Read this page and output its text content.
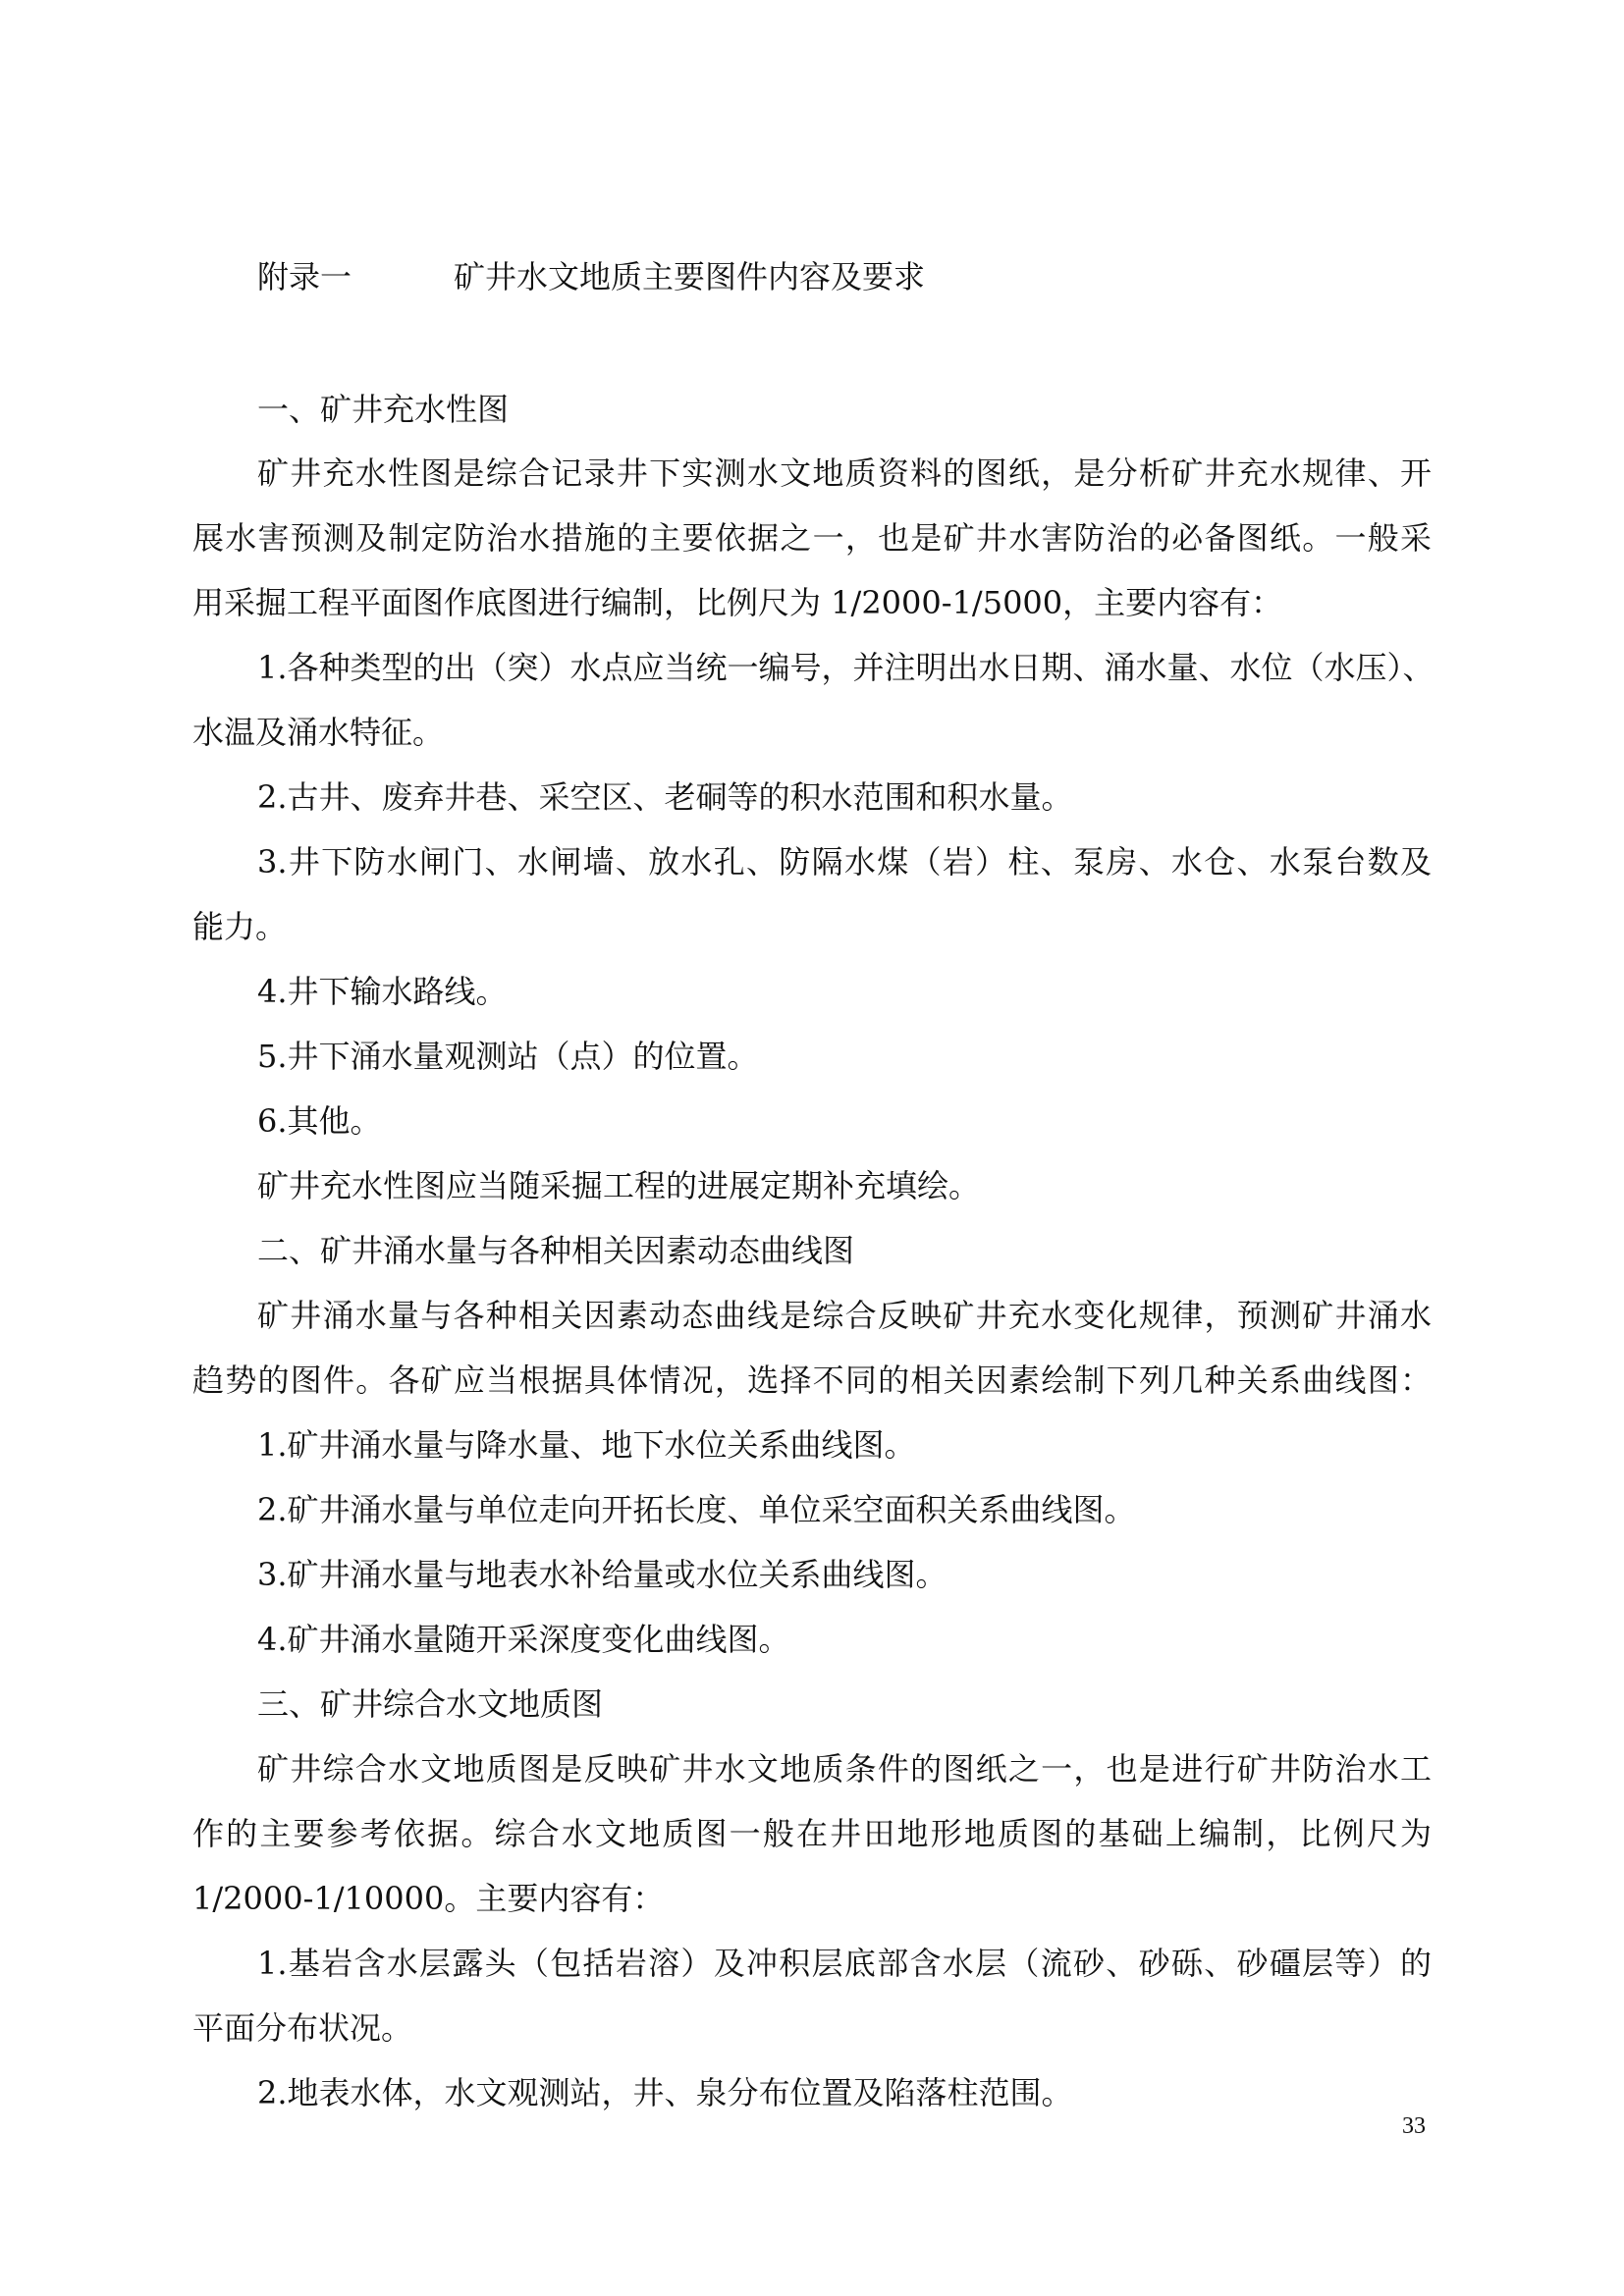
附录一	矿井水文地质主要图件内容及要求
一、矿井充水性图
矿井充水性图是综合记录井下实测水文地质资料的图纸，是分析矿井充水规律、开
展水害预测及制定防治水措施的主要依据之一，也是矿井水害防治的必备图纸。一般采
用采掘工程平面图作底图进行编制，比例尺为 1/2000-1/5000，主要内容有：
1.各种类型的出（突）水点应当统一编号，并注明出水日期、涌水量、水位（水压）、
水温及涌水特征。
2.古井、废弃井巷、采空区、老硐等的积水范围和积水量。
3.井下防水闸门、水闸墙、放水孔、防隔水煤（岩）柱、泵房、水仓、水泵台数及
能力。
4.井下输水路线。
5.井下涌水量观测站（点）的位置。
6.其他。
矿井充水性图应当随采掘工程的进展定期补充填绘。
二、矿井涌水量与各种相关因素动态曲线图
矿井涌水量与各种相关因素动态曲线是综合反映矿井充水变化规律，预测矿井涌水
趋势的图件。各矿应当根据具体情况，选择不同的相关因素绘制下列几种关系曲线图：
1.矿井涌水量与降水量、地下水位关系曲线图。
2.矿井涌水量与单位走向开拓长度、单位采空面积关系曲线图。
3.矿井涌水量与地表水补给量或水位关系曲线图。
4.矿井涌水量随开采深度变化曲线图。
三、矿井综合水文地质图
矿井综合水文地质图是反映矿井水文地质条件的图纸之一，也是进行矿井防治水工
作的主要参考依据。综合水文地质图一般在井田地形地质图的基础上编制，比例尺为
1/2000-1/10000。主要内容有：
1.基岩含水层露头（包括岩溶）及冲积层底部含水层（流砂、砂砾、砂礓层等）的
平面分布状况。
2.地表水体，水文观测站，井、泉分布位置及陷落柱范围。
33
